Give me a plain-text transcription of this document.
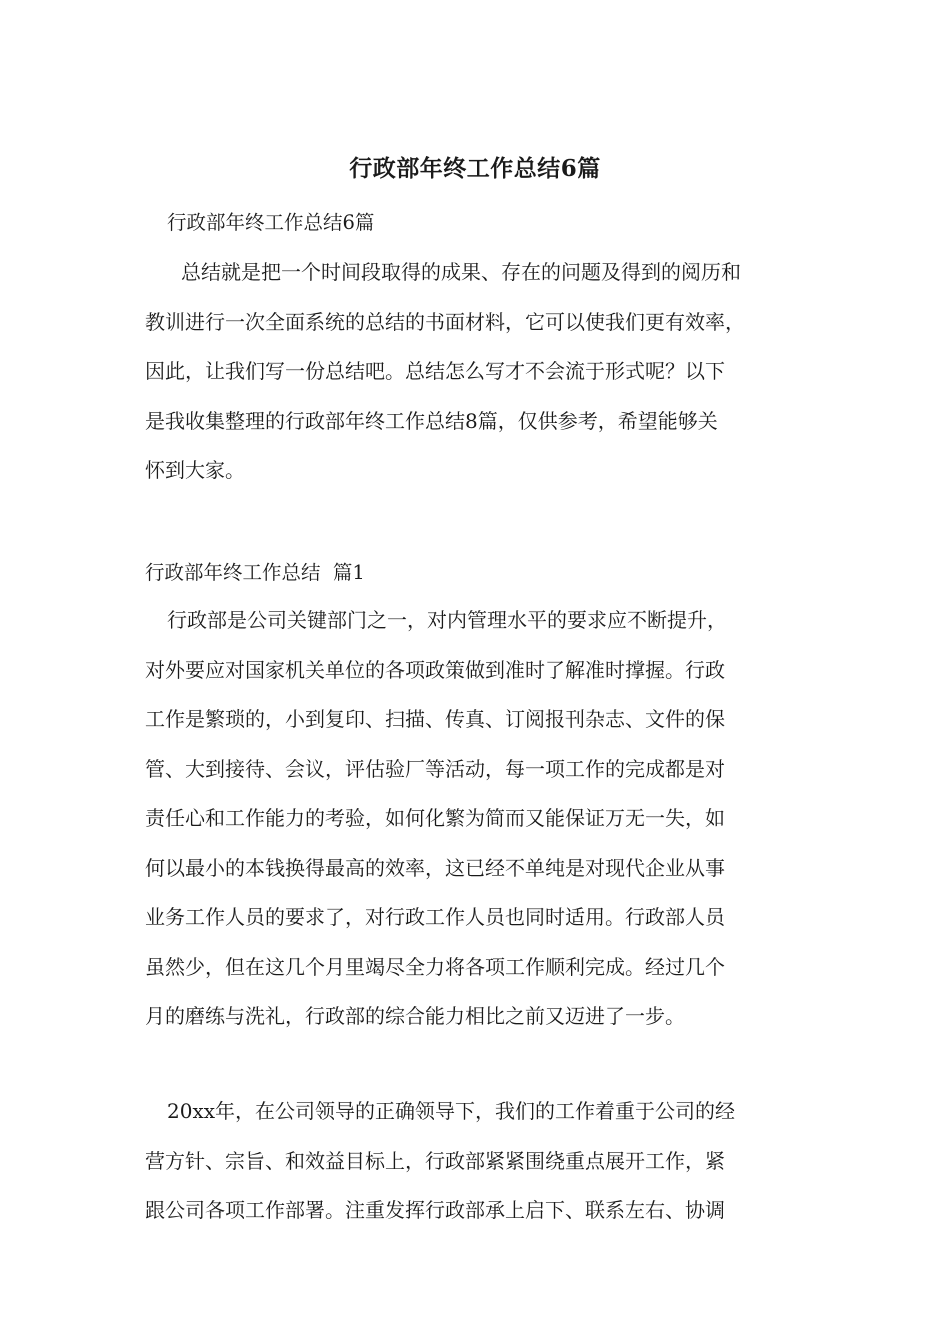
行政部年终工作总结6篇
行政部年终工作总结6篇
总结就是把一个时间段取得的成果、存在的问题及得到的阅历和
教训进行一次全面系统的总结的书面材料，它可以使我们更有效率，
因此，让我们写一份总结吧。总结怎么写才不会流于形式呢？以下
是我收集整理的行政部年终工作总结8篇，仅供参考，希望能够关
怀到大家。
行政部年终工作总结  篇1
行政部是公司关键部门之一，对内管理水平的要求应不断提升，
对外要应对国家机关单位的各项政策做到准时了解准时撑握。行政
工作是繁琐的，小到复印、扫描、传真、订阅报刊杂志、文件的保
管、大到接待、会议，评估验厂等活动，每一项工作的完成都是对
责任心和工作能力的考验，如何化繁为简而又能保证万无一失，如
何以最小的本钱换得最高的效率，这已经不单纯是对现代企业从事
业务工作人员的要求了，对行政工作人员也同时适用。行政部人员
虽然少，但在这几个月里竭尽全力将各项工作顺利完成。经过几个
月的磨练与洗礼，行政部的综合能力相比之前又迈进了一步。
20xx年，在公司领导的正确领导下，我们的工作着重于公司的经
营方针、宗旨、和效益目标上，行政部紧紧围绕重点展开工作，紧
跟公司各项工作部署。注重发挥行政部承上启下、联系左右、协调
